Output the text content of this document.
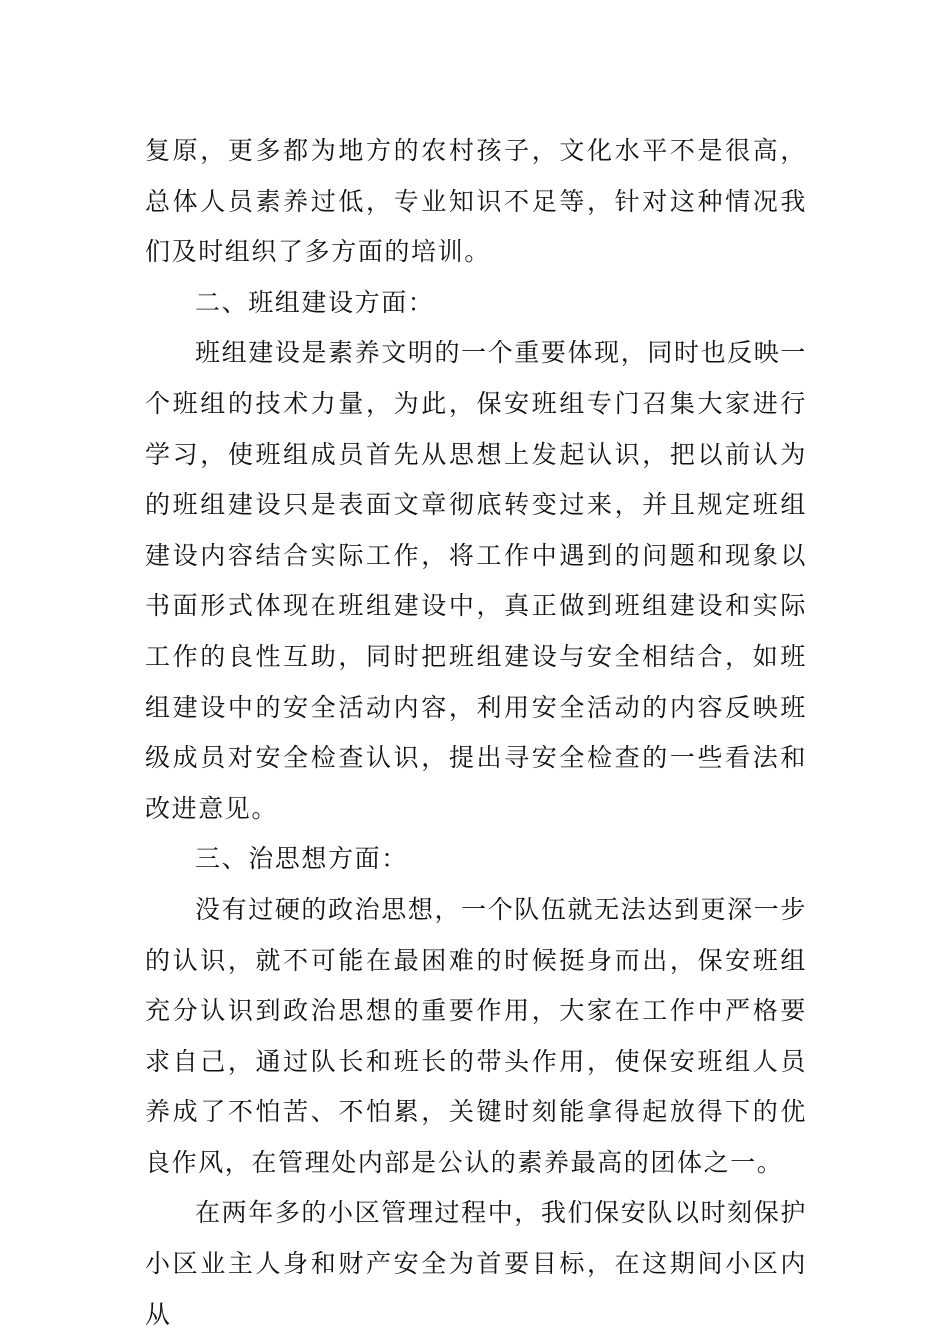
复原，更多都为地方的农村孩子，文化水平不是很高，总体人员素养过低，专业知识不足等，针对这种情况我们及时组织了多方面的培训。

二、班组建设方面：

班组建设是素养文明的一个重要体现，同时也反映一个班组的技术力量，为此，保安班组专门召集大家进行学习，使班组成员首先从思想上发起认识，把以前认为的班组建设只是表面文章彻底转变过来，并且规定班组建设内容结合实际工作，将工作中遇到的问题和现象以书面形式体现在班组建设中，真正做到班组建设和实际工作的良性互助，同时把班组建设与安全相结合，如班组建设中的安全活动内容，利用安全活动的内容反映班级成员对安全检查认识，提出寻安全检查的一些看法和改进意见。

三、治思想方面：

没有过硬的政治思想，一个队伍就无法达到更深一步的认识，就不可能在最困难的时候挺身而出，保安班组充分认识到政治思想的重要作用，大家在工作中严格要求自己，通过队长和班长的带头作用，使保安班组人员养成了不怕苦、不怕累，关键时刻能拿得起放得下的优良作风，在管理处内部是公认的素养最高的团体之一。

在两年多的小区管理过程中，我们保安队以时刻保护小区业主人身和财产安全为首要目标，在这期间小区内从
